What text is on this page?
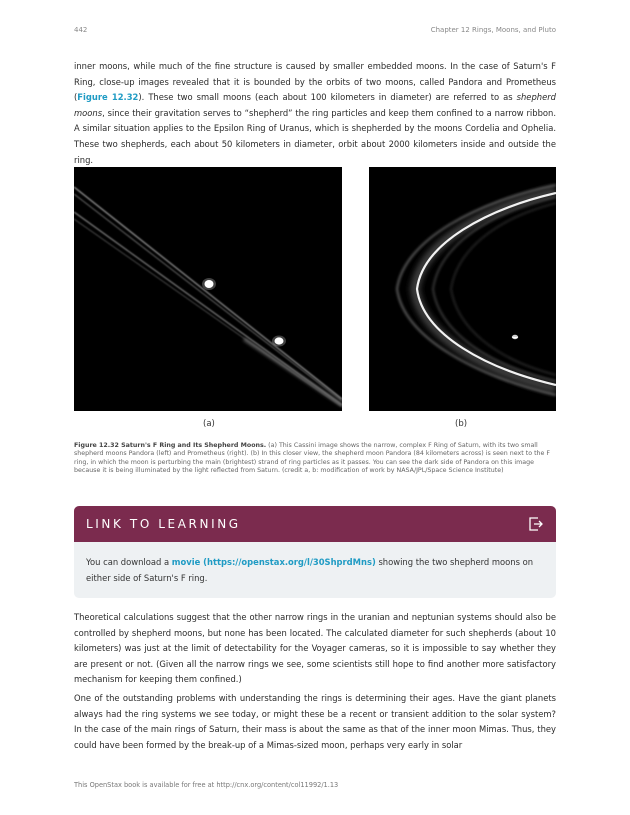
442	Chapter 12 Rings, Moons, and Pluto

inner moons, while much of the fine structure is caused by smaller embedded moons. In the case of Saturn's F Ring, close-up images revealed that it is bounded by the orbits of two moons, called Pandora and Prometheus (Figure 12.32). These two small moons (each about 100 kilometers in diameter) are referred to as shepherd moons, since their gravitation serves to “shepherd” the ring particles and keep them confined to a narrow ribbon. A similar situation applies to the Epsilon Ring of Uranus, which is shepherded by the moons Cordelia and Ophelia. These two shepherds, each about 50 kilometers in diameter, orbit about 2000 kilometers inside and outside the ring.

(a)	(b)

Figure 12.32 Saturn's F Ring and Its Shepherd Moons. (a) This Cassini image shows the narrow, complex F Ring of Saturn, with its two small shepherd moons Pandora (left) and Prometheus (right). (b) In this closer view, the shepherd moon Pandora (84 kilometers across) is seen next to the F ring, in which the moon is perturbing the main (brightest) strand of ring particles as it passes. You can see the dark side of Pandora on this image because it is being illuminated by the light reflected from Saturn. (credit a, b: modification of work by NASA/JPL/Space Science Institute)

LINK TO LEARNING

You can download a movie (https://openstax.org/l/30ShprdMns) showing the two shepherd moons on either side of Saturn's F ring.

Theoretical calculations suggest that the other narrow rings in the uranian and neptunian systems should also be controlled by shepherd moons, but none has been located. The calculated diameter for such shepherds (about 10 kilometers) was just at the limit of detectability for the Voyager cameras, so it is impossible to say whether they are present or not. (Given all the narrow rings we see, some scientists still hope to find another more satisfactory mechanism for keeping them confined.)

One of the outstanding problems with understanding the rings is determining their ages. Have the giant planets always had the ring systems we see today, or might these be a recent or transient addition to the solar system? In the case of the main rings of Saturn, their mass is about the same as that of the inner moon Mimas. Thus, they could have been formed by the break-up of a Mimas-sized moon, perhaps very early in solar

This OpenStax book is available for free at http://cnx.org/content/col11992/1.13
